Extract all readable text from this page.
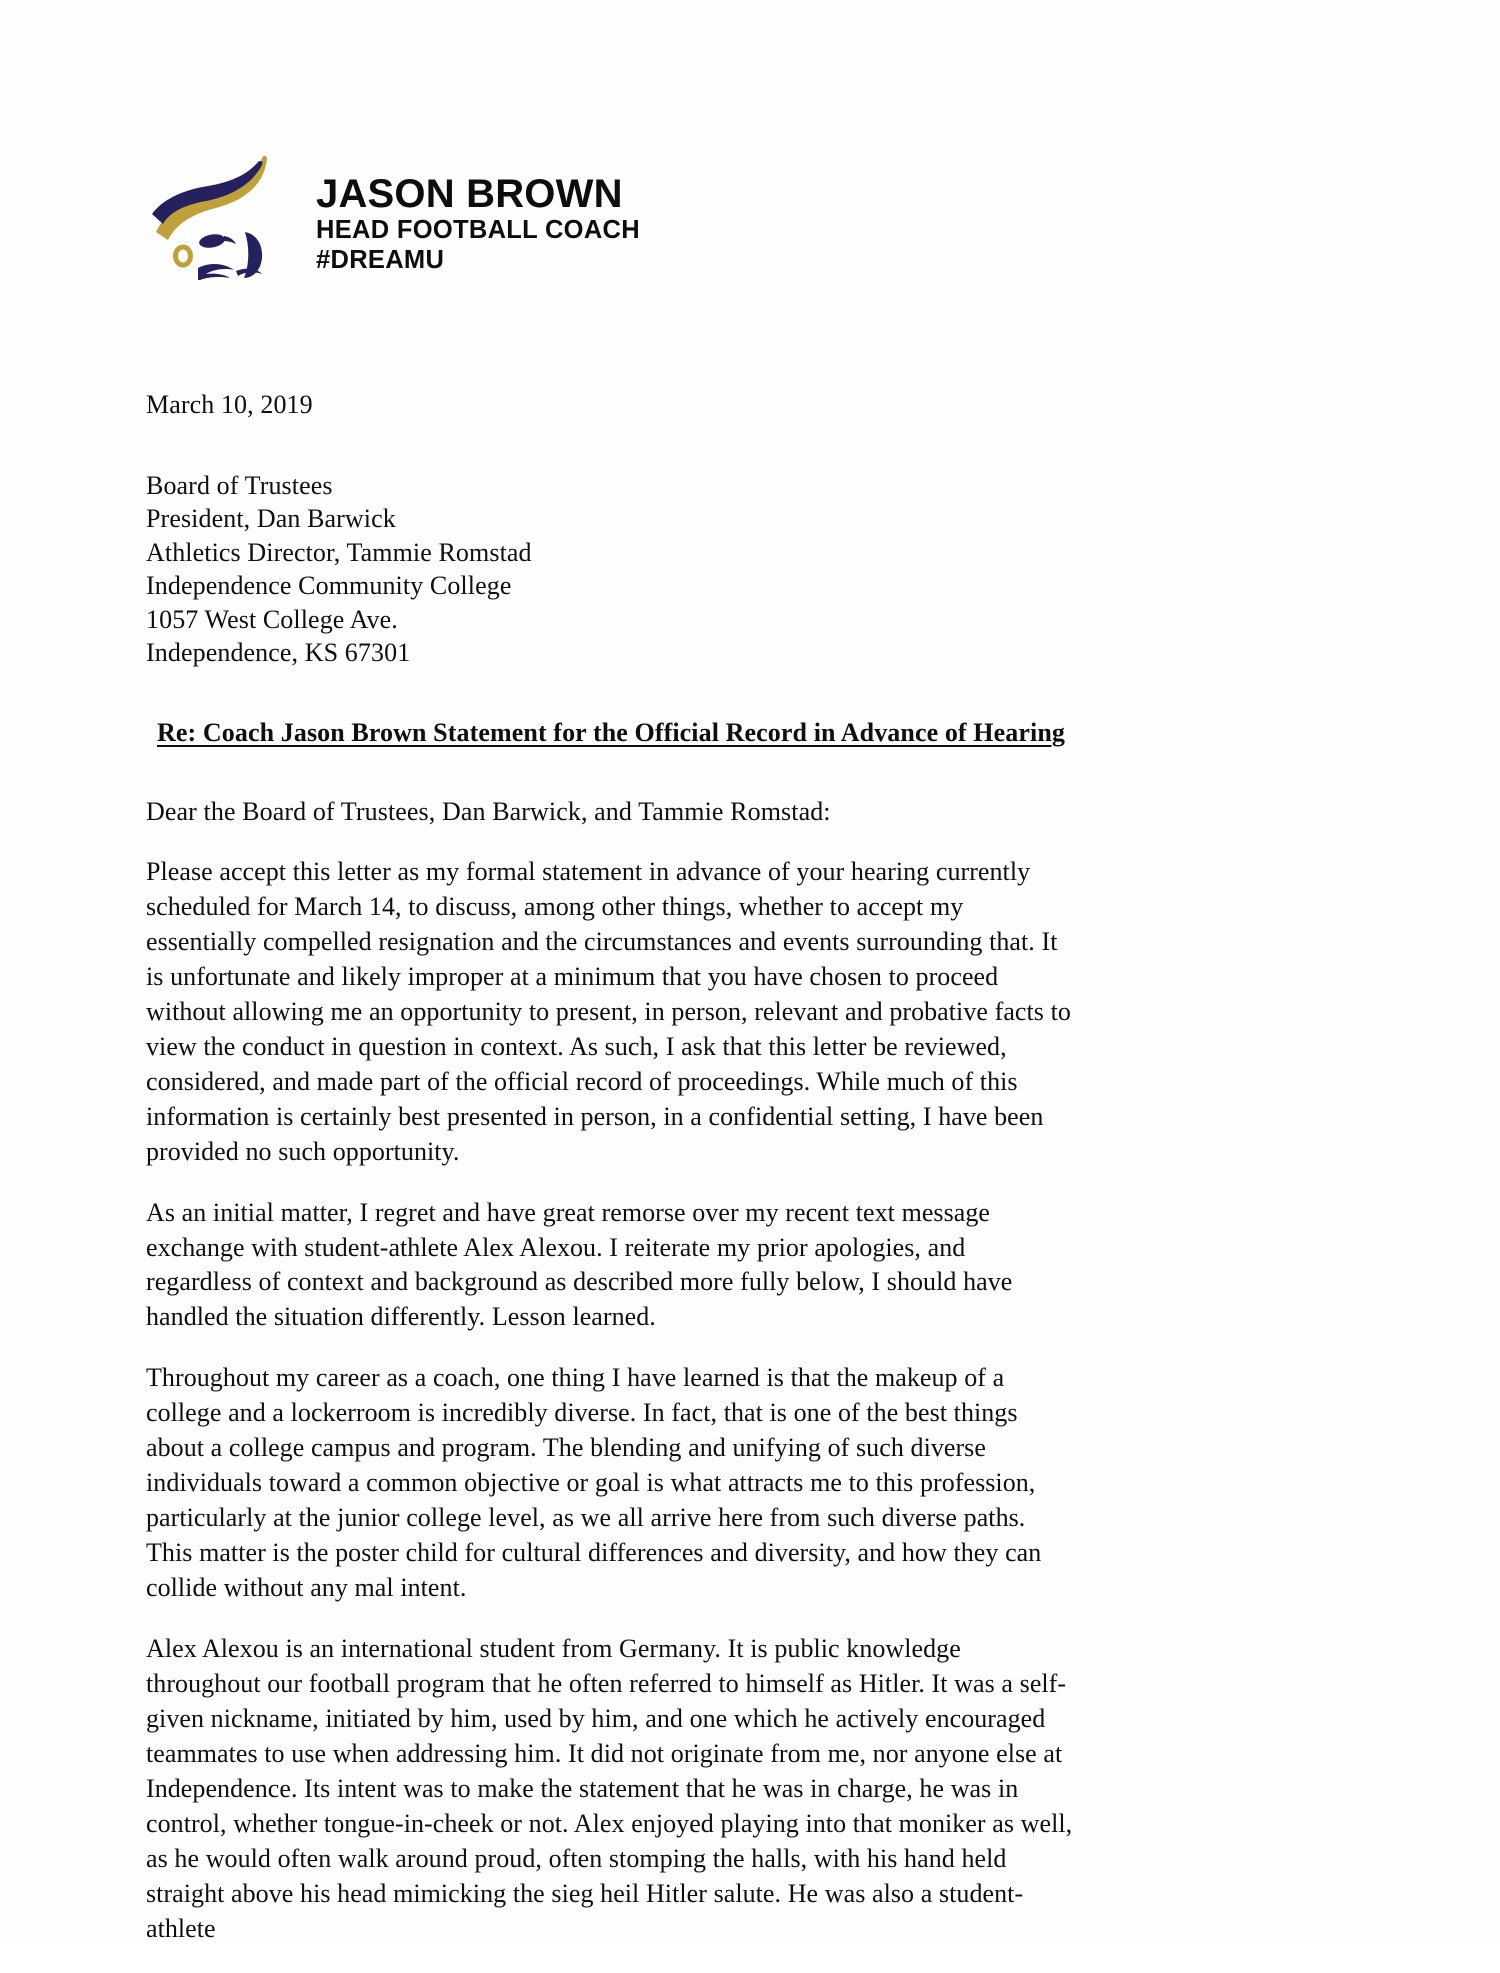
JASON BROWN
HEAD FOOTBALL COACH
#DREAMU
March 10, 2019
Board of Trustees
President, Dan Barwick
Athletics Director, Tammie Romstad
Independence Community College
1057 West College Ave.
Independence, KS 67301
Re: Coach Jason Brown Statement for the Official Record in Advance of Hearing
Dear the Board of Trustees, Dan Barwick, and Tammie Romstad:

Please accept this letter as my formal statement in advance of your hearing currently scheduled for March 14, to discuss, among other things, whether to accept my essentially compelled resignation and the circumstances and events surrounding that. It is unfortunate and likely improper at a minimum that you have chosen to proceed without allowing me an opportunity to present, in person, relevant and probative facts to view the conduct in question in context. As such, I ask that this letter be reviewed, considered, and made part of the official record of proceedings. While much of this information is certainly best presented in person, in a confidential setting, I have been provided no such opportunity.

As an initial matter, I regret and have great remorse over my recent text message exchange with student-athlete Alex Alexou. I reiterate my prior apologies, and regardless of context and background as described more fully below, I should have handled the situation differently. Lesson learned.

Throughout my career as a coach, one thing I have learned is that the makeup of a college and a lockerroom is incredibly diverse. In fact, that is one of the best things about a college campus and program. The blending and unifying of such diverse individuals toward a common objective or goal is what attracts me to this profession, particularly at the junior college level, as we all arrive here from such diverse paths. This matter is the poster child for cultural differences and diversity, and how they can collide without any mal intent.

Alex Alexou is an international student from Germany. It is public knowledge throughout our football program that he often referred to himself as Hitler. It was a self-given nickname, initiated by him, used by him, and one which he actively encouraged teammates to use when addressing him. It did not originate from me, nor anyone else at Independence. Its intent was to make the statement that he was in charge, he was in control, whether tongue-in-cheek or not. Alex enjoyed playing into that moniker as well, as he would often walk around proud, often stomping the halls, with his hand held straight above his head mimicking the sieg heil Hitler salute. He was also a student-athlete
